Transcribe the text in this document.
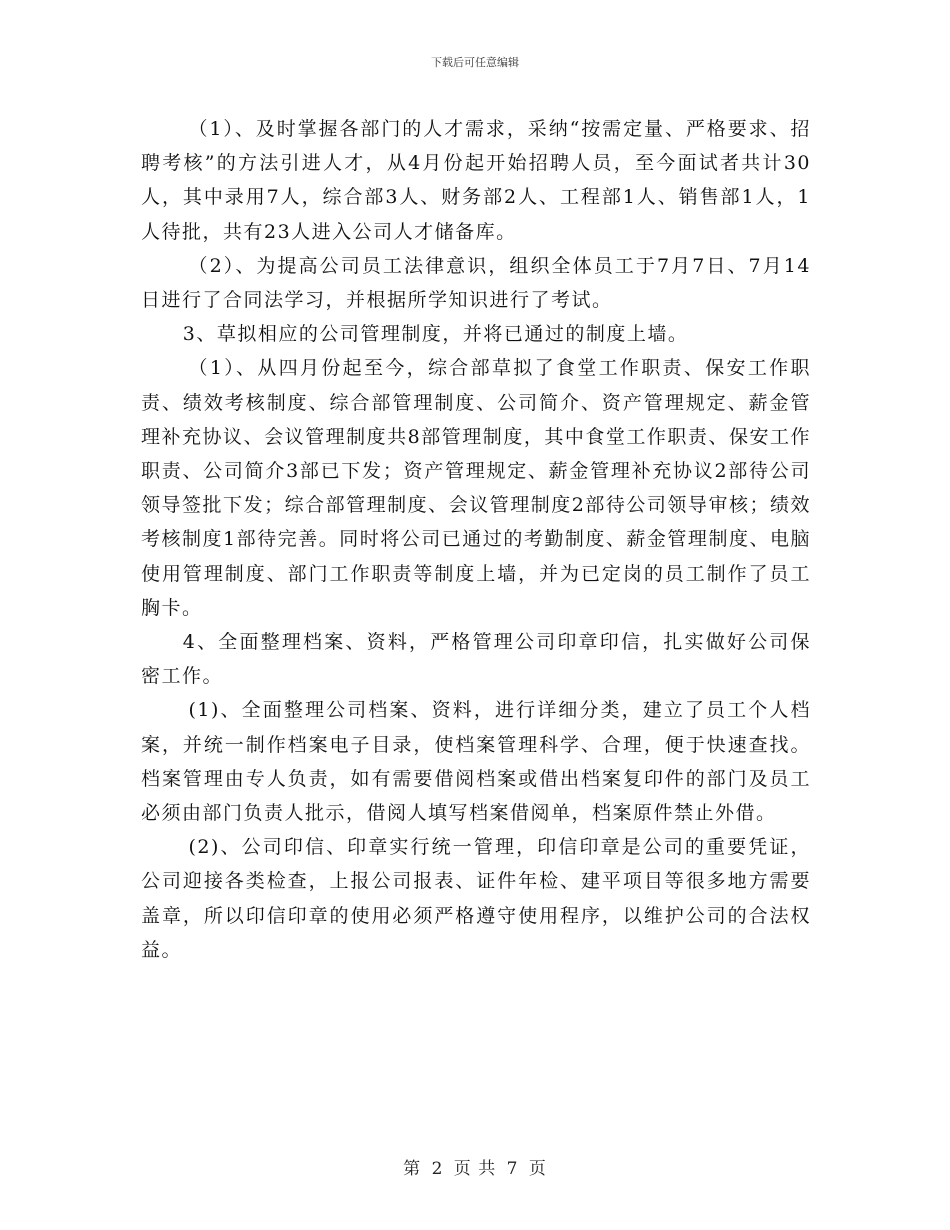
下载后可任意编辑

（1）、及时掌握各部门的人才需求，采纳“按需定量、严格要求、招聘考核”的方法引进人才，从4月份起开始招聘人员，至今面试者共计30人，其中录用7人，综合部3人、财务部2人、工程部1人、销售部1人，1人待批，共有23人进入公司人才储备库。

（2）、为提高公司员工法律意识，组织全体员工于7月7日、7月14日进行了合同法学习，并根据所学知识进行了考试。

3、草拟相应的公司管理制度，并将已通过的制度上墙。

（1）、从四月份起至今，综合部草拟了食堂工作职责、保安工作职责、绩效考核制度、综合部管理制度、公司简介、资产管理规定、薪金管理补充协议、会议管理制度共8部管理制度，其中食堂工作职责、保安工作职责、公司简介3部已下发；资产管理规定、薪金管理补充协议2部待公司领导签批下发；综合部管理制度、会议管理制度2部待公司领导审核；绩效考核制度1部待完善。同时将公司已通过的考勤制度、薪金管理制度、电脑使用管理制度、部门工作职责等制度上墙，并为已定岗的员工制作了员工胸卡。

4、全面整理档案、资料，严格管理公司印章印信，扎实做好公司保密工作。

(1)、全面整理公司档案、资料，进行详细分类，建立了员工个人档案，并统一制作档案电子目录，使档案管理科学、合理，便于快速查找。档案管理由专人负责，如有需要借阅档案或借出档案复印件的部门及员工必须由部门负责人批示，借阅人填写档案借阅单，档案原件禁止外借。

(2)、公司印信、印章实行统一管理，印信印章是公司的重要凭证，公司迎接各类检查，上报公司报表、证件年检、建平项目等很多地方需要盖章，所以印信印章的使用必须严格遵守使用程序，以维护公司的合法权益。

第 2 页 共 7 页
